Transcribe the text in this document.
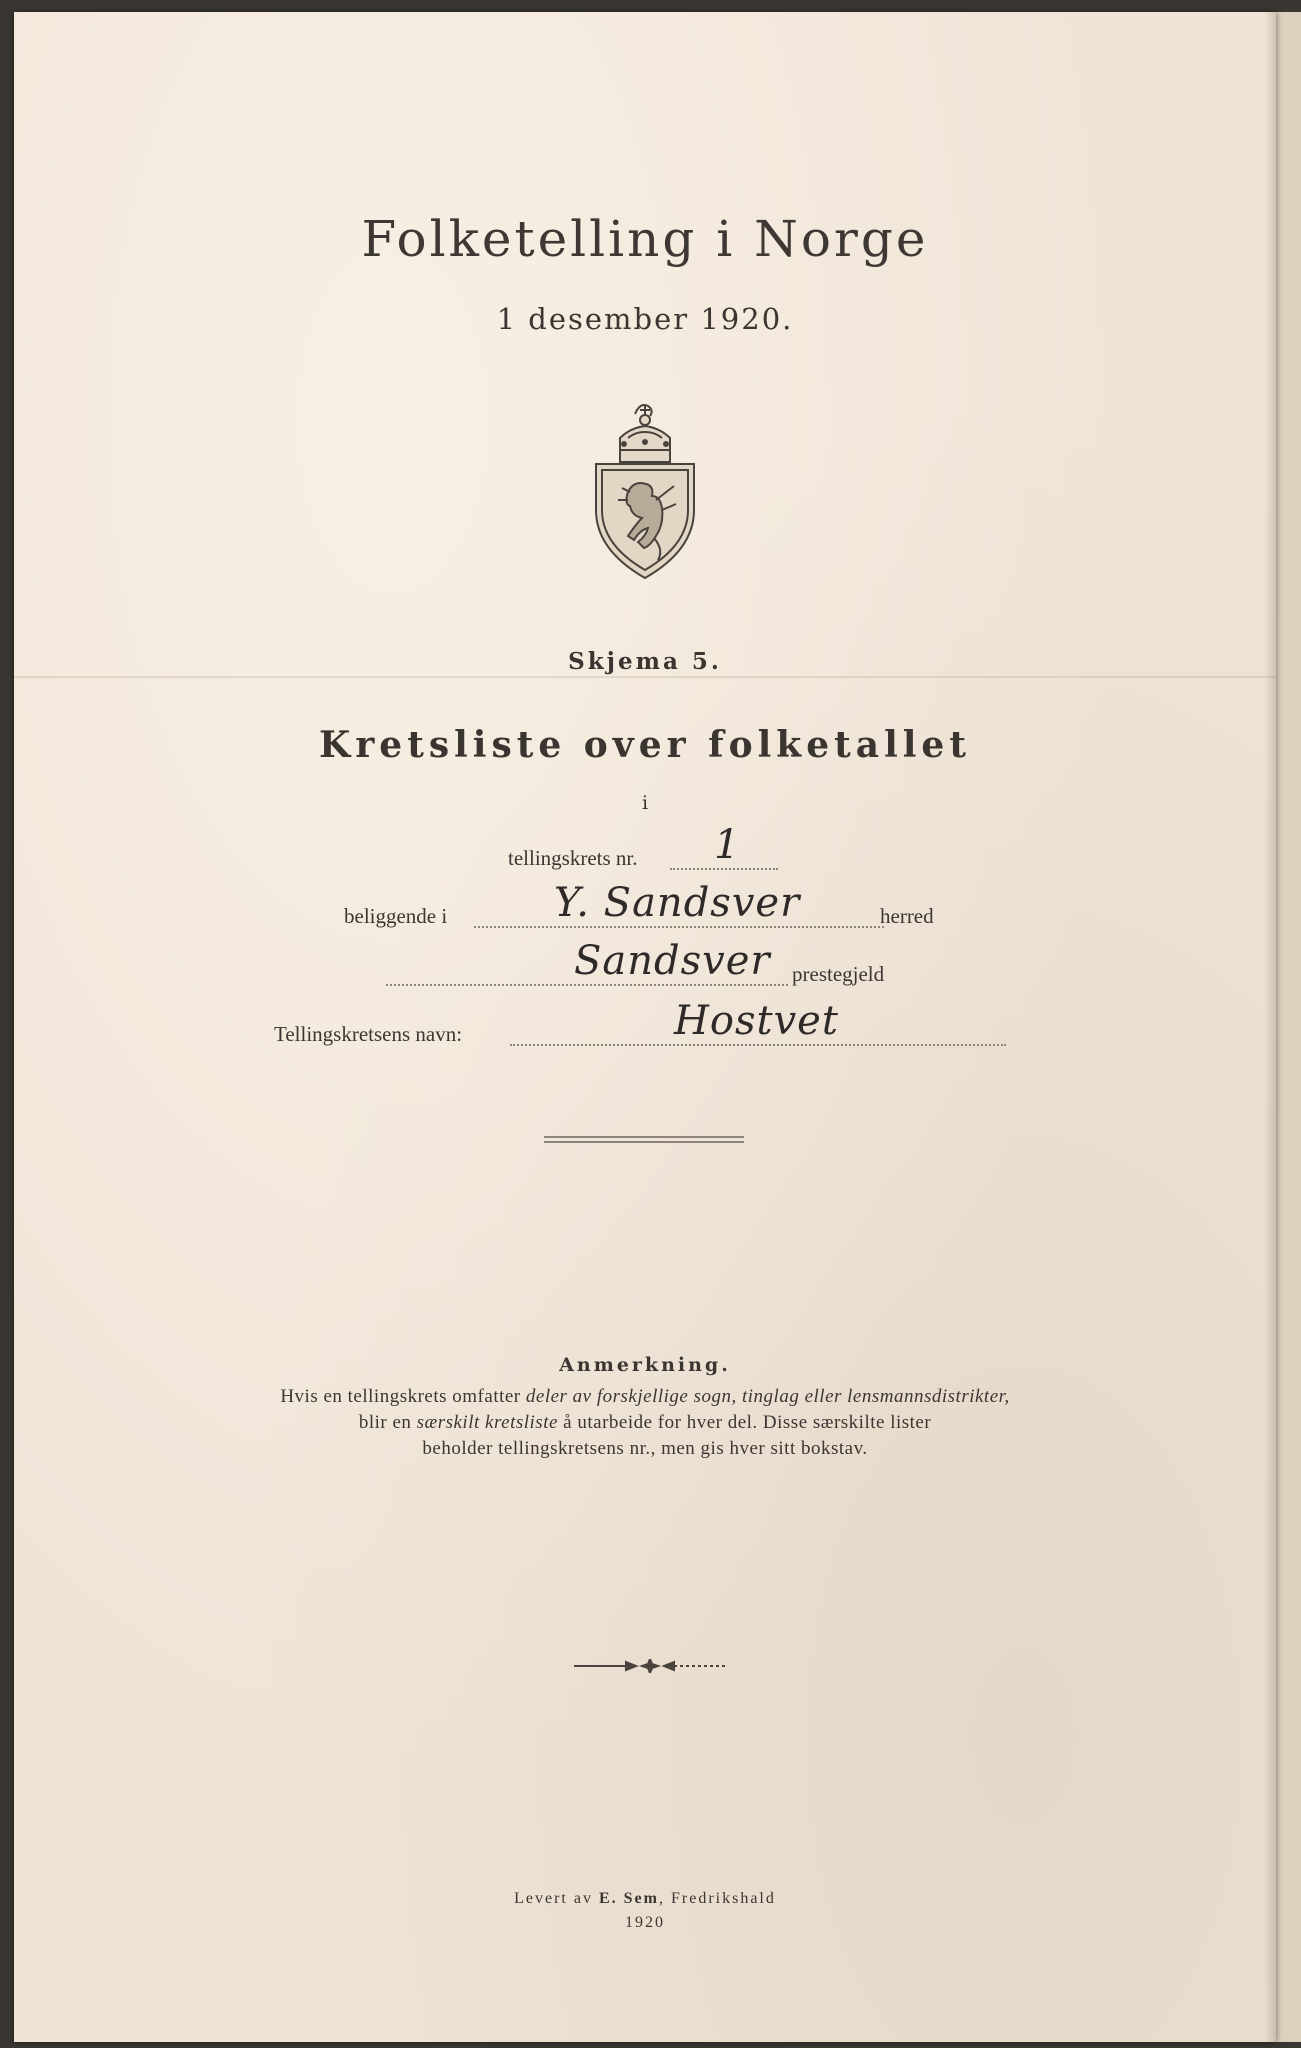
Folketelling i Norge
1 desember 1920.
Skjema 5.
Kretsliste over folketallet
i
tellingskrets nr. 1
beliggende i	Y. Sandsver	herred
Sandsver prestegjeld
Tellingskretsens navn:	Hostvet
Anmerkning.
Hvis en tellingskrets omfatter deler av forskjellige sogn, tinglag eller lensmannsdistrikter,
blir en særskilt kretsliste å utarbeide for hver del. Disse særskilte lister
beholder tellingskretsens nr., men gis hver sitt bokstav.
Levert av E. Sem, Fredrikshald
1920
